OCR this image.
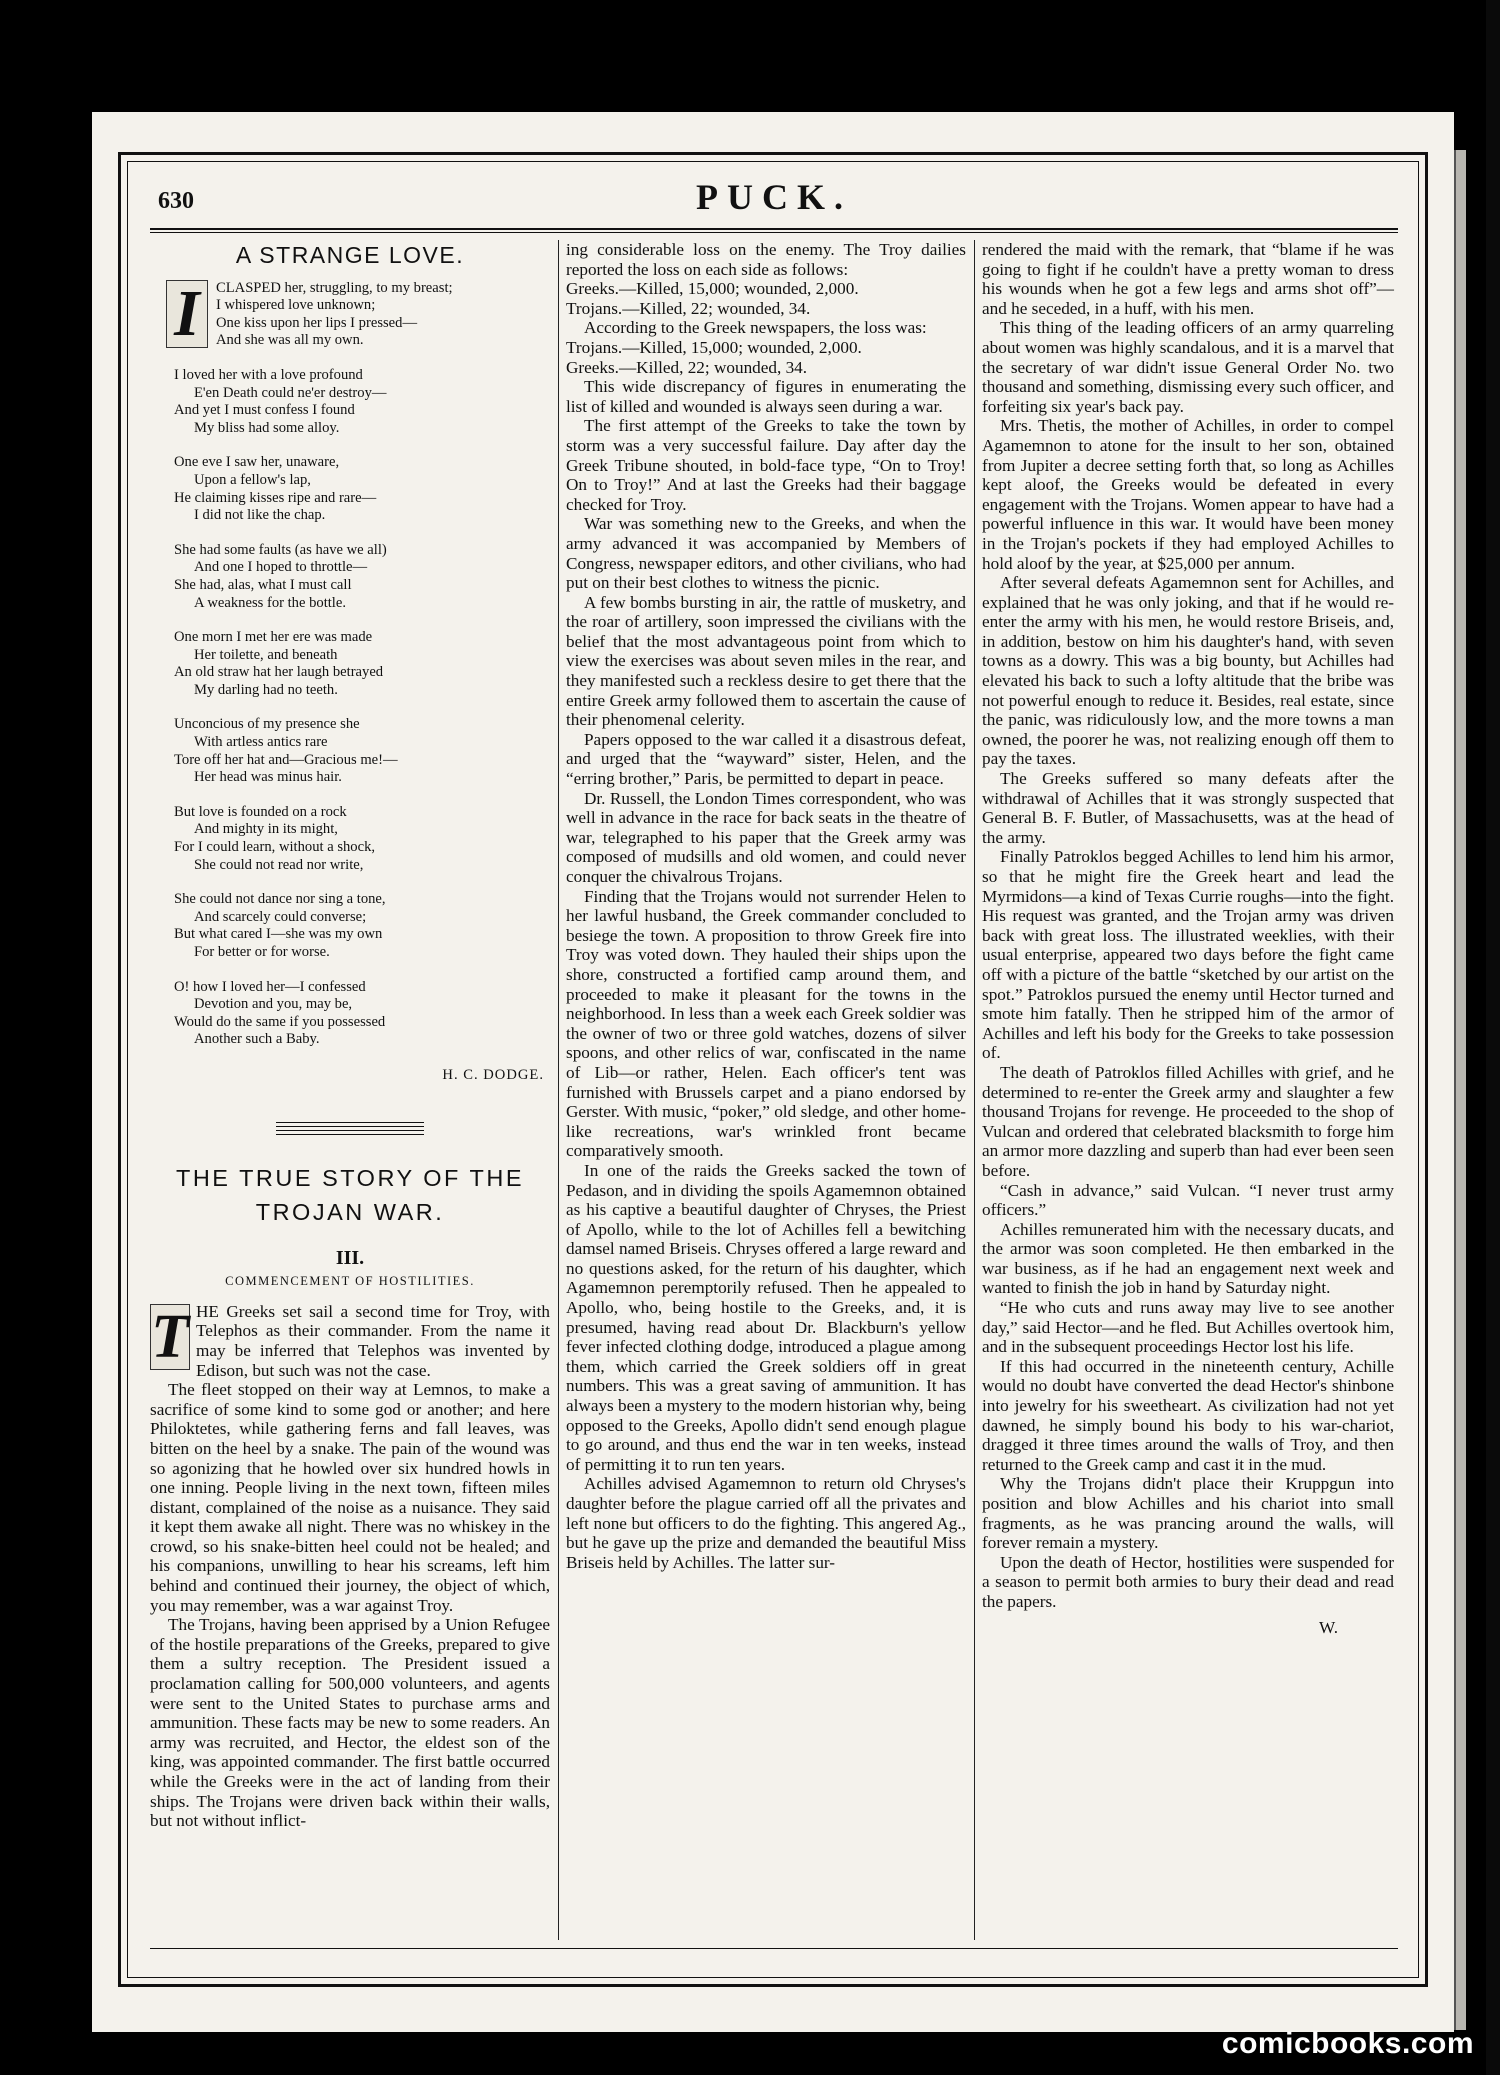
630	PUCK.
A STRANGE LOVE.
I	CLASPED her, struggling, to my breast;
I whispered love unknown;
One kiss upon her lips I pressed—
And she was all my own.
I loved her with a love profound
E'en Death could ne'er destroy—
And yet I must confess I found
My bliss had some alloy.
One eve I saw her, unaware,
Upon a fellow's lap,
He claiming kisses ripe and rare—
I did not like the chap.
She had some faults (as have we all)
And one I hoped to throttle—
She had, alas, what I must call
A weakness for the bottle.
One morn I met her ere was made
Her toilette, and beneath
An old straw hat her laugh betrayed
My darling had no teeth.
Unconcious of my presence she
With artless antics rare
Tore off her hat and—Gracious me!—
Her head was minus hair.
But love is founded on a rock
And mighty in its might,
For I could learn, without a shock,
She could not read nor write,
She could not dance nor sing a tone,
And scarcely could converse;
But what cared I—she was my own
For better or for worse.
O! how I loved her—I confessed
Devotion and you, may be,
Would do the same if you possessed
Another such a Baby.
H. C. DODGE.
THE TRUE STORY OF THE TROJAN WAR.
III.
COMMENCEMENT OF HOSTILITIES.

T HE Greeks set sail a second time for Troy, with Telephos as their commander. From the name it may be inferred that Telephos was invented by Edison, but such was not the case.

The fleet stopped on their way at Lemnos, to make a sacrifice of some kind to some god or another; and here Philoktetes, while gathering ferns and fall leaves, was bitten on the heel by a snake. The pain of the wound was so agonizing that he howled over six hundred howls in one inning. People living in the next town, fifteen miles distant, complained of the noise as a nuisance. They said it kept them awake all night. There was no whiskey in the crowd, so his snake-bitten heel could not be healed; and his companions, unwilling to hear his screams, left him behind and continued their journey, the object of which, you may remember, was a war against Troy.

The Trojans, having been apprised by a Union Refugee of the hostile preparations of the Greeks, prepared to give them a sultry reception. The President issued a proclamation calling for 500,000 volunteers, and agents were sent to the United States to purchase arms and ammunition. These facts may be new to some readers. An army was recruited, and Hector, the eldest son of the king, was appointed commander. The first battle occurred while the Greeks were in the act of landing from their ships. The Trojans were driven back within their walls, but not without inflict-

ing considerable loss on the enemy. The Troy dailies reported the loss on each side as follows:

Greeks.—Killed, 15,000; wounded, 2,000.

Trojans.—Killed, 22; wounded, 34.

According to the Greek newspapers, the loss was:

Trojans.—Killed, 15,000; wounded, 2,000.

Greeks.—Killed, 22; wounded, 34.

This wide discrepancy of figures in enumerating the list of killed and wounded is always seen during a war.

The first attempt of the Greeks to take the town by storm was a very successful failure. Day after day the Greek Tribune shouted, in bold-face type, “On to Troy! On to Troy!” And at last the Greeks had their baggage checked for Troy.

War was something new to the Greeks, and when the army advanced it was accompanied by Members of Congress, newspaper editors, and other civilians, who had put on their best clothes to witness the picnic.

A few bombs bursting in air, the rattle of musketry, and the roar of artillery, soon impressed the civilians with the belief that the most advantageous point from which to view the exercises was about seven miles in the rear, and they manifested such a reckless desire to get there that the entire Greek army followed them to ascertain the cause of their phenomenal celerity.

Papers opposed to the war called it a disastrous defeat, and urged that the “wayward” sister, Helen, and the “erring brother,” Paris, be permitted to depart in peace.

Dr. Russell, the London Times correspondent, who was well in advance in the race for back seats in the theatre of war, telegraphed to his paper that the Greek army was composed of mudsills and old women, and could never conquer the chivalrous Trojans.

Finding that the Trojans would not surrender Helen to her lawful husband, the Greek commander concluded to besiege the town. A proposition to throw Greek fire into Troy was voted down. They hauled their ships upon the shore, constructed a fortified camp around them, and proceeded to make it pleasant for the towns in the neighborhood. In less than a week each Greek soldier was the owner of two or three gold watches, dozens of silver spoons, and other relics of war, confiscated in the name of Lib—or rather, Helen. Each officer's tent was furnished with Brussels carpet and a piano endorsed by Gerster. With music, “poker,” old sledge, and other home-like recreations, war's wrinkled front became comparatively smooth.

In one of the raids the Greeks sacked the town of Pedason, and in dividing the spoils Agamemnon obtained as his captive a beautiful daughter of Chryses, the Priest of Apollo, while to the lot of Achilles fell a bewitching damsel named Briseis. Chryses offered a large reward and no questions asked, for the return of his daughter, which Agamemnon peremptorily refused. Then he appealed to Apollo, who, being hostile to the Greeks, and, it is presumed, having read about Dr. Blackburn's yellow fever infected clothing dodge, introduced a plague among them, which carried the Greek soldiers off in great numbers. This was a great saving of ammunition. It has always been a mystery to the modern historian why, being opposed to the Greeks, Apollo didn't send enough plague to go around, and thus end the war in ten weeks, instead of permitting it to run ten years.

Achilles advised Agamemnon to return old Chryses's daughter before the plague carried off all the privates and left none but officers to do the fighting. This angered Ag., but he gave up the prize and demanded the beautiful Miss Briseis held by Achilles. The latter sur-

rendered the maid with the remark, that “blame if he was going to fight if he couldn't have a pretty woman to dress his wounds when he got a few legs and arms shot off”—and he seceded, in a huff, with his men.

This thing of the leading officers of an army quarreling about women was highly scandalous, and it is a marvel that the secretary of war didn't issue General Order No. two thousand and something, dismissing every such officer, and forfeiting six year's back pay.

Mrs. Thetis, the mother of Achilles, in order to compel Agamemnon to atone for the insult to her son, obtained from Jupiter a decree setting forth that, so long as Achilles kept aloof, the Greeks would be defeated in every engagement with the Trojans. Women appear to have had a powerful influence in this war. It would have been money in the Trojan's pockets if they had employed Achilles to hold aloof by the year, at $25,000 per annum.

After several defeats Agamemnon sent for Achilles, and explained that he was only joking, and that if he would re-enter the army with his men, he would restore Briseis, and, in addition, bestow on him his daughter's hand, with seven towns as a dowry. This was a big bounty, but Achilles had elevated his back to such a lofty altitude that the bribe was not powerful enough to reduce it. Besides, real estate, since the panic, was ridiculously low, and the more towns a man owned, the poorer he was, not realizing enough off them to pay the taxes.

The Greeks suffered so many defeats after the withdrawal of Achilles that it was strongly suspected that General B. F. Butler, of Massachusetts, was at the head of the army.

Finally Patroklos begged Achilles to lend him his armor, so that he might fire the Greek heart and lead the Myrmidons—a kind of Texas Currie roughs—into the fight. His request was granted, and the Trojan army was driven back with great loss. The illustrated weeklies, with their usual enterprise, appeared two days before the fight came off with a picture of the battle “sketched by our artist on the spot.” Patroklos pursued the enemy until Hector turned and smote him fatally. Then he stripped him of the armor of Achilles and left his body for the Greeks to take possession of.

The death of Patroklos filled Achilles with grief, and he determined to re-enter the Greek army and slaughter a few thousand Trojans for revenge. He proceeded to the shop of Vulcan and ordered that celebrated blacksmith to forge him an armor more dazzling and superb than had ever been seen before.

“Cash in advance,” said Vulcan. “I never trust army officers.”

Achilles remunerated him with the necessary ducats, and the armor was soon completed. He then embarked in the war business, as if he had an engagement next week and wanted to finish the job in hand by Saturday night.

“He who cuts and runs away may live to see another day,” said Hector—and he fled. But Achilles overtook him, and in the subsequent proceedings Hector lost his life.

If this had occurred in the nineteenth century, Achille would no doubt have converted the dead Hector's shinbone into jewelry for his sweetheart. As civilization had not yet dawned, he simply bound his body to his war-chariot, dragged it three times around the walls of Troy, and then returned to the Greek camp and cast it in the mud.

Why the Trojans didn't place their Kruppgun into position and blow Achilles and his chariot into small fragments, as he was prancing around the walls, will forever remain a mystery.

Upon the death of Hector, hostilities were suspended for a season to permit both armies to bury their dead and read the papers.

W.
comicbooks.com
